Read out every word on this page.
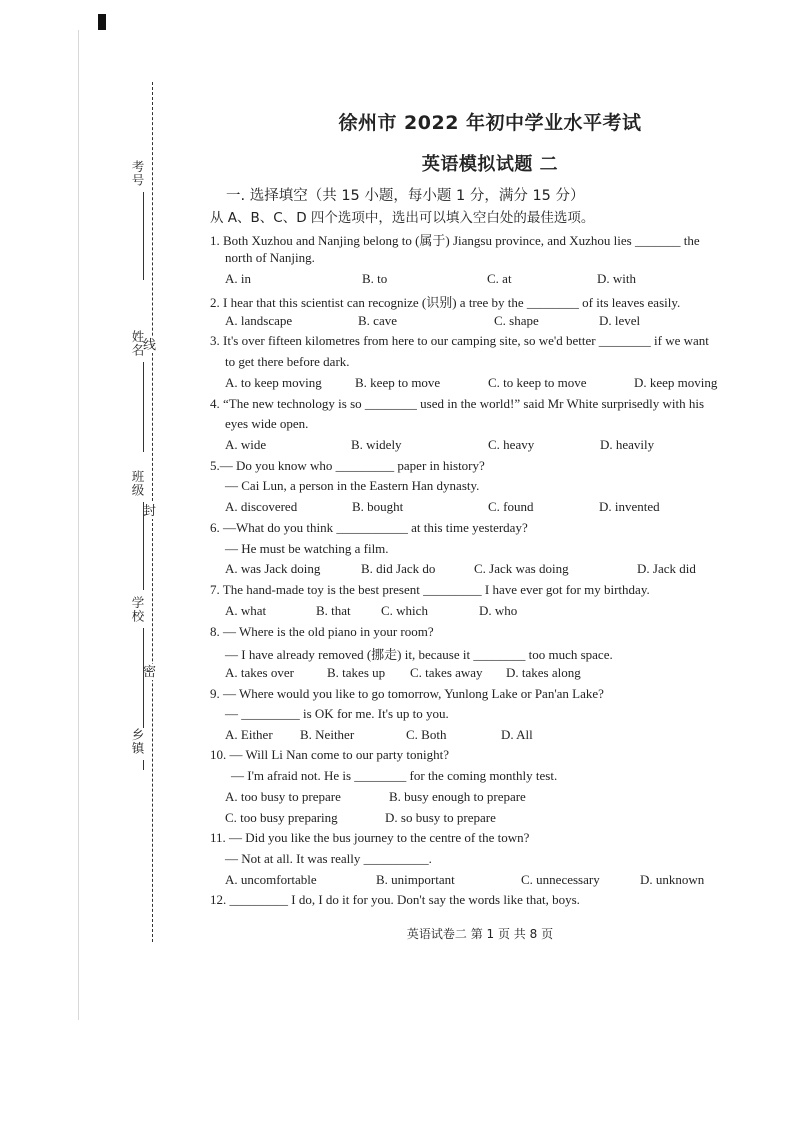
线
封
密
考号
姓名
班级
学校
乡镇
徐州市 2022 年初中学业水平考试
英语模拟试题 二
一. 选择填空（共 15 小题，每小题 1 分，满分 15 分）
从 A、B、C、D 四个选项中，选出可以填入空白处的最佳选项。
1. Both Xuzhou and Nanjing belong to (属于) Jiangsu province, and Xuzhou lies _______ the
north of Nanjing.
A. in	B. to	C. at	D. with
2. I hear that this scientist can recognize (识别) a tree by the ________ of its leaves easily.
A. landscape	B. cave	C. shape	D. level
3. It's over fifteen kilometres from here to our camping site, so we'd better ________ if we want
to get there before dark.
A. to keep moving	B. keep to move	C. to keep to move	D. keep moving
4. “The new technology is so ________ used in the world!” said Mr White surprisedly with his
eyes wide open.
A. wide	B. widely	C. heavy	D. heavily
5.— Do you know who _________ paper in history?
— Cai Lun, a person in the Eastern Han dynasty.
A. discovered	B. bought	C. found	D. invented
6. —What do you think ___________ at this time yesterday?
— He must be watching a film.
A. was Jack doing	B. did Jack do	C. Jack was doing	D. Jack did
7. The hand-made toy is the best present _________ I have ever got for my birthday.
A. what	B. that C. which	D. who
8. — Where is the old piano in your room?
— I have already removed (挪走) it, because it ________ too much space.
A. takes over	B. takes up C. takes away D. takes along
9. — Where would you like to go tomorrow, Yunlong Lake or Pan'an Lake?
— _________ is OK for me. It's up to you.
A. Either B. Neither	C. Both	D. All
10. — Will Li Nan come to our party tonight?
— I'm afraid not. He is ________ for the coming monthly test.
A. too busy to prepare	B. busy enough to prepare
C. too busy preparing	D. so busy to prepare
11. — Did you like the bus journey to the centre of the town?
— Not at all. It was really __________.
A. uncomfortable	B. unimportant	C. unnecessary	D. unknown
12. _________ I do, I do it for you. Don't say the words like that, boys.
英语试卷二 第 1 页 共 8 页
